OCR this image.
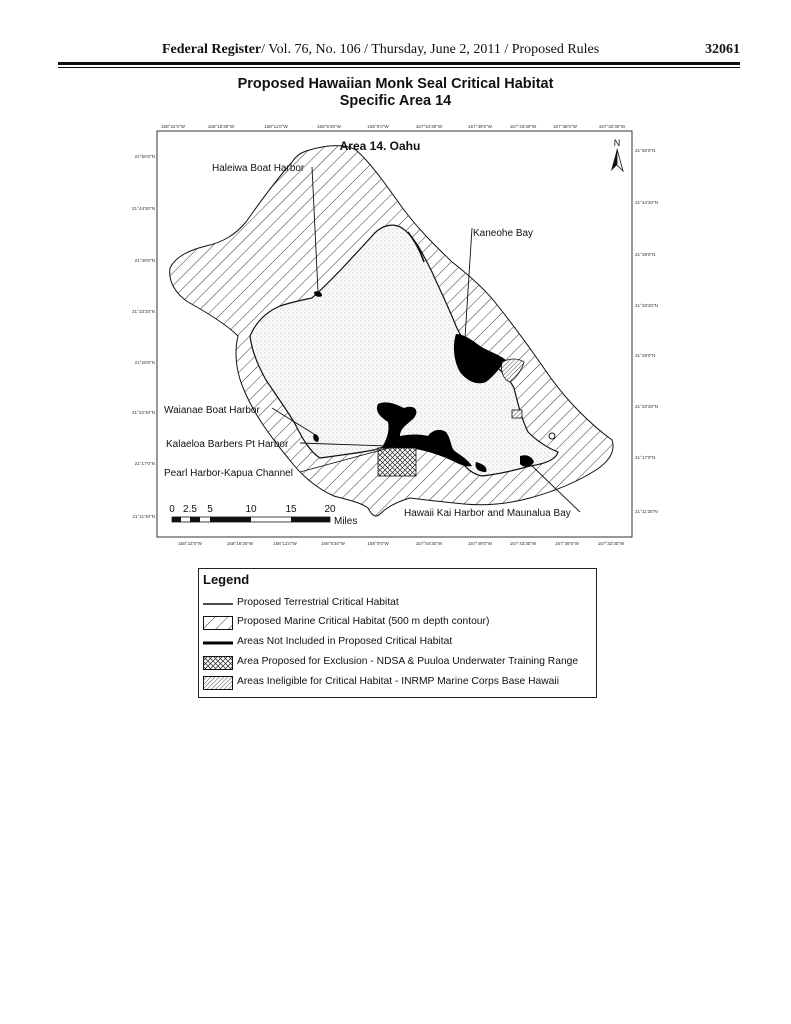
Federal Register/ Vol. 76, No. 106 / Thursday, June 2, 2011 / Proposed Rules	32061
Proposed Hawaiian Monk Seal Critical Habitat
Specific Area 14
158°22'0"W	158°16'30"W	158°11'0"W	158°5'30"W	158°0'0"W	157°54'30"W	157°49'0"W	157°43'30"W	157°38'0"W	157°32'30"W
158°22'0"W	158°16'30"W	158°11'0"W	158°5'30"W	158°0'0"W	157°54'30"W	157°49'0"W	157°43'30"W	157°38'0"W	157°32'30"W
21°50'0"N
21°44'30"N
21°39'0"N
21°33'30"N
21°28'0"N
21°22'30"N
21°17'0"N
21°11'30"N
21°50'0"N
21°44'30"N
21°39'0"N
21°33'30"N
21°28'0"N
21°22'30"N
21°17'0"N
21°11'30"N
Area 14. Oahu	N
Haleiwa Boat Harbor
Kaneohe Bay
Waianae Boat Harbor
Kalaeloa Barbers Pt Harbor
Pearl Harbor-Kapua Channel
Hawaii Kai Harbor and Maunalua Bay
0 2.5 5	10	15	20
Miles
Legend
Proposed Terrestrial Critical Habitat
Proposed Marine Critical Habitat (500 m depth contour)
Areas Not Included in Proposed Critical Habitat
Area Proposed for Exclusion - NDSA & Puuloa Underwater Training Range
Areas Ineligible for Critical Habitat - INRMP Marine Corps Base Hawaii
